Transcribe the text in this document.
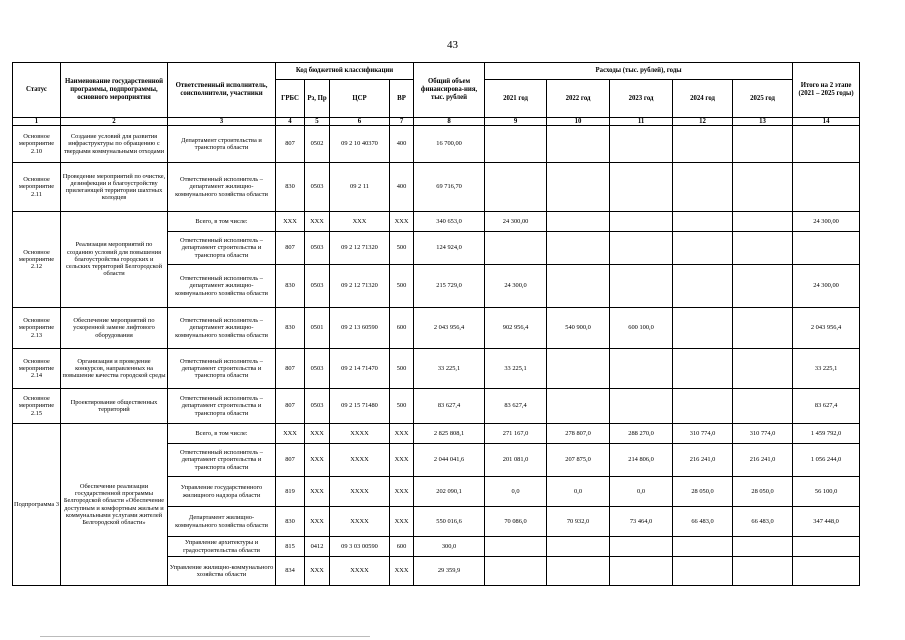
43
Статус	Наименование государственной программы, подпрограммы, основного мероприятия	Ответственный исполнитель, соисполнители, участники	Код бюджетной классификации				Общий объем финансирова-ния, тыс. рублей	Расходы (тыс. рублей), годы					Итого на 2 этапе (2021 – 2025 годы)
			ГРБС	Рз, Пр	ЦСР	ВР		2021 год	2022 год	2023 год	2024 год	2025 год	
1	2	3	4	5	6	7	8	9	10	11	12	13	14
Основное мероприятие 2.10	Создание условий для развития инфраструктуры по обращению с твердыми коммунальными отходами	Департамент строительства и транспорта области	807	0502	09 2 10 40370	400	16 700,00						
Основное мероприятие 2.11	Проведение мероприятий по очистке, дезинфекции и благоустройству прилегающей территории шахтных колодцев	Ответственный исполнитель – департамент жилищно-коммунального хозяйства области	830	0503	09 2 11	400	69 716,70						
Основное мероприятие 2.12	Реализация мероприятий по созданию условий для повышения благоустройства городских и сельских территорий Белгородской области	Всего, в том числе:	XXX	XXX	XXX	XXX	340 653,0	24 300,00					24 300,00
		Ответственный исполнитель – департамент строительства и транспорта области	807	0503	09 2 12 71320	500	124 924,0						
		Ответственный исполнитель – департамент жилищно-коммунального хозяйства области	830	0503	09 2 12 71320	500	215 729,0	24 300,0					24 300,00
Основное мероприятие 2.13	Обеспечение мероприятий по ускоренной замене лифтового оборудования	Ответственный исполнитель – департамент жилищно-коммунального хозяйства области	830	0501	09 2 13 60590	600	2 043 956,4	902 956,4	540 900,0	600 100,0			2 043 956,4
Основное мероприятие 2.14	Организация и проведение конкурсов, направленных на повышение качества городской среды	Ответственный исполнитель – департамент строительства и транспорта области	807	0503	09 2 14 71470	500	33 225,1	33 225,1					33 225,1
Основное мероприятие 2.15	Проектирование общественных территорий	Ответственный исполнитель – департамент строительства и транспорта области	807	0503	09 2 15 71480	500	83 627,4	83 627,4					83 627,4
Подпрограмма 3	Обеспечение реализации государственной программы Белгородской области «Обеспечение доступным и комфортным жильем и коммунальными услугами жителей Белгородской области»	Всего, в том числе:	XXX	XXX	XXXX	XXX	2 825 808,1	271 167,0	278 807,0	288 270,0	310 774,0	310 774,0	1 459 792,0
		Ответственный исполнитель – департамент строительства и транспорта области	807	XXX	XXXX	XXX	2 044 041,6	201 081,0	207 875,0	214 806,0	216 241,0	216 241,0	1 056 244,0
		Управление государственного жилищного надзора области	819	XXX	XXXX	XXX	202 090,1	0,0	0,0	0,0	28 050,0	28 050,0	56 100,0
		Департамент жилищно-коммунального хозяйства области	830	XXX	XXXX	XXX	550 016,6	70 086,0	70 932,0	73 464,0	66 483,0	66 483,0	347 448,0
		Управление архитектуры и градостроительства области	815	0412	09 3 03 00590	600	300,0						
		Управление жилищно-коммунального хозяйства области	834	XXX	XXXX	XXX	29 359,9						
